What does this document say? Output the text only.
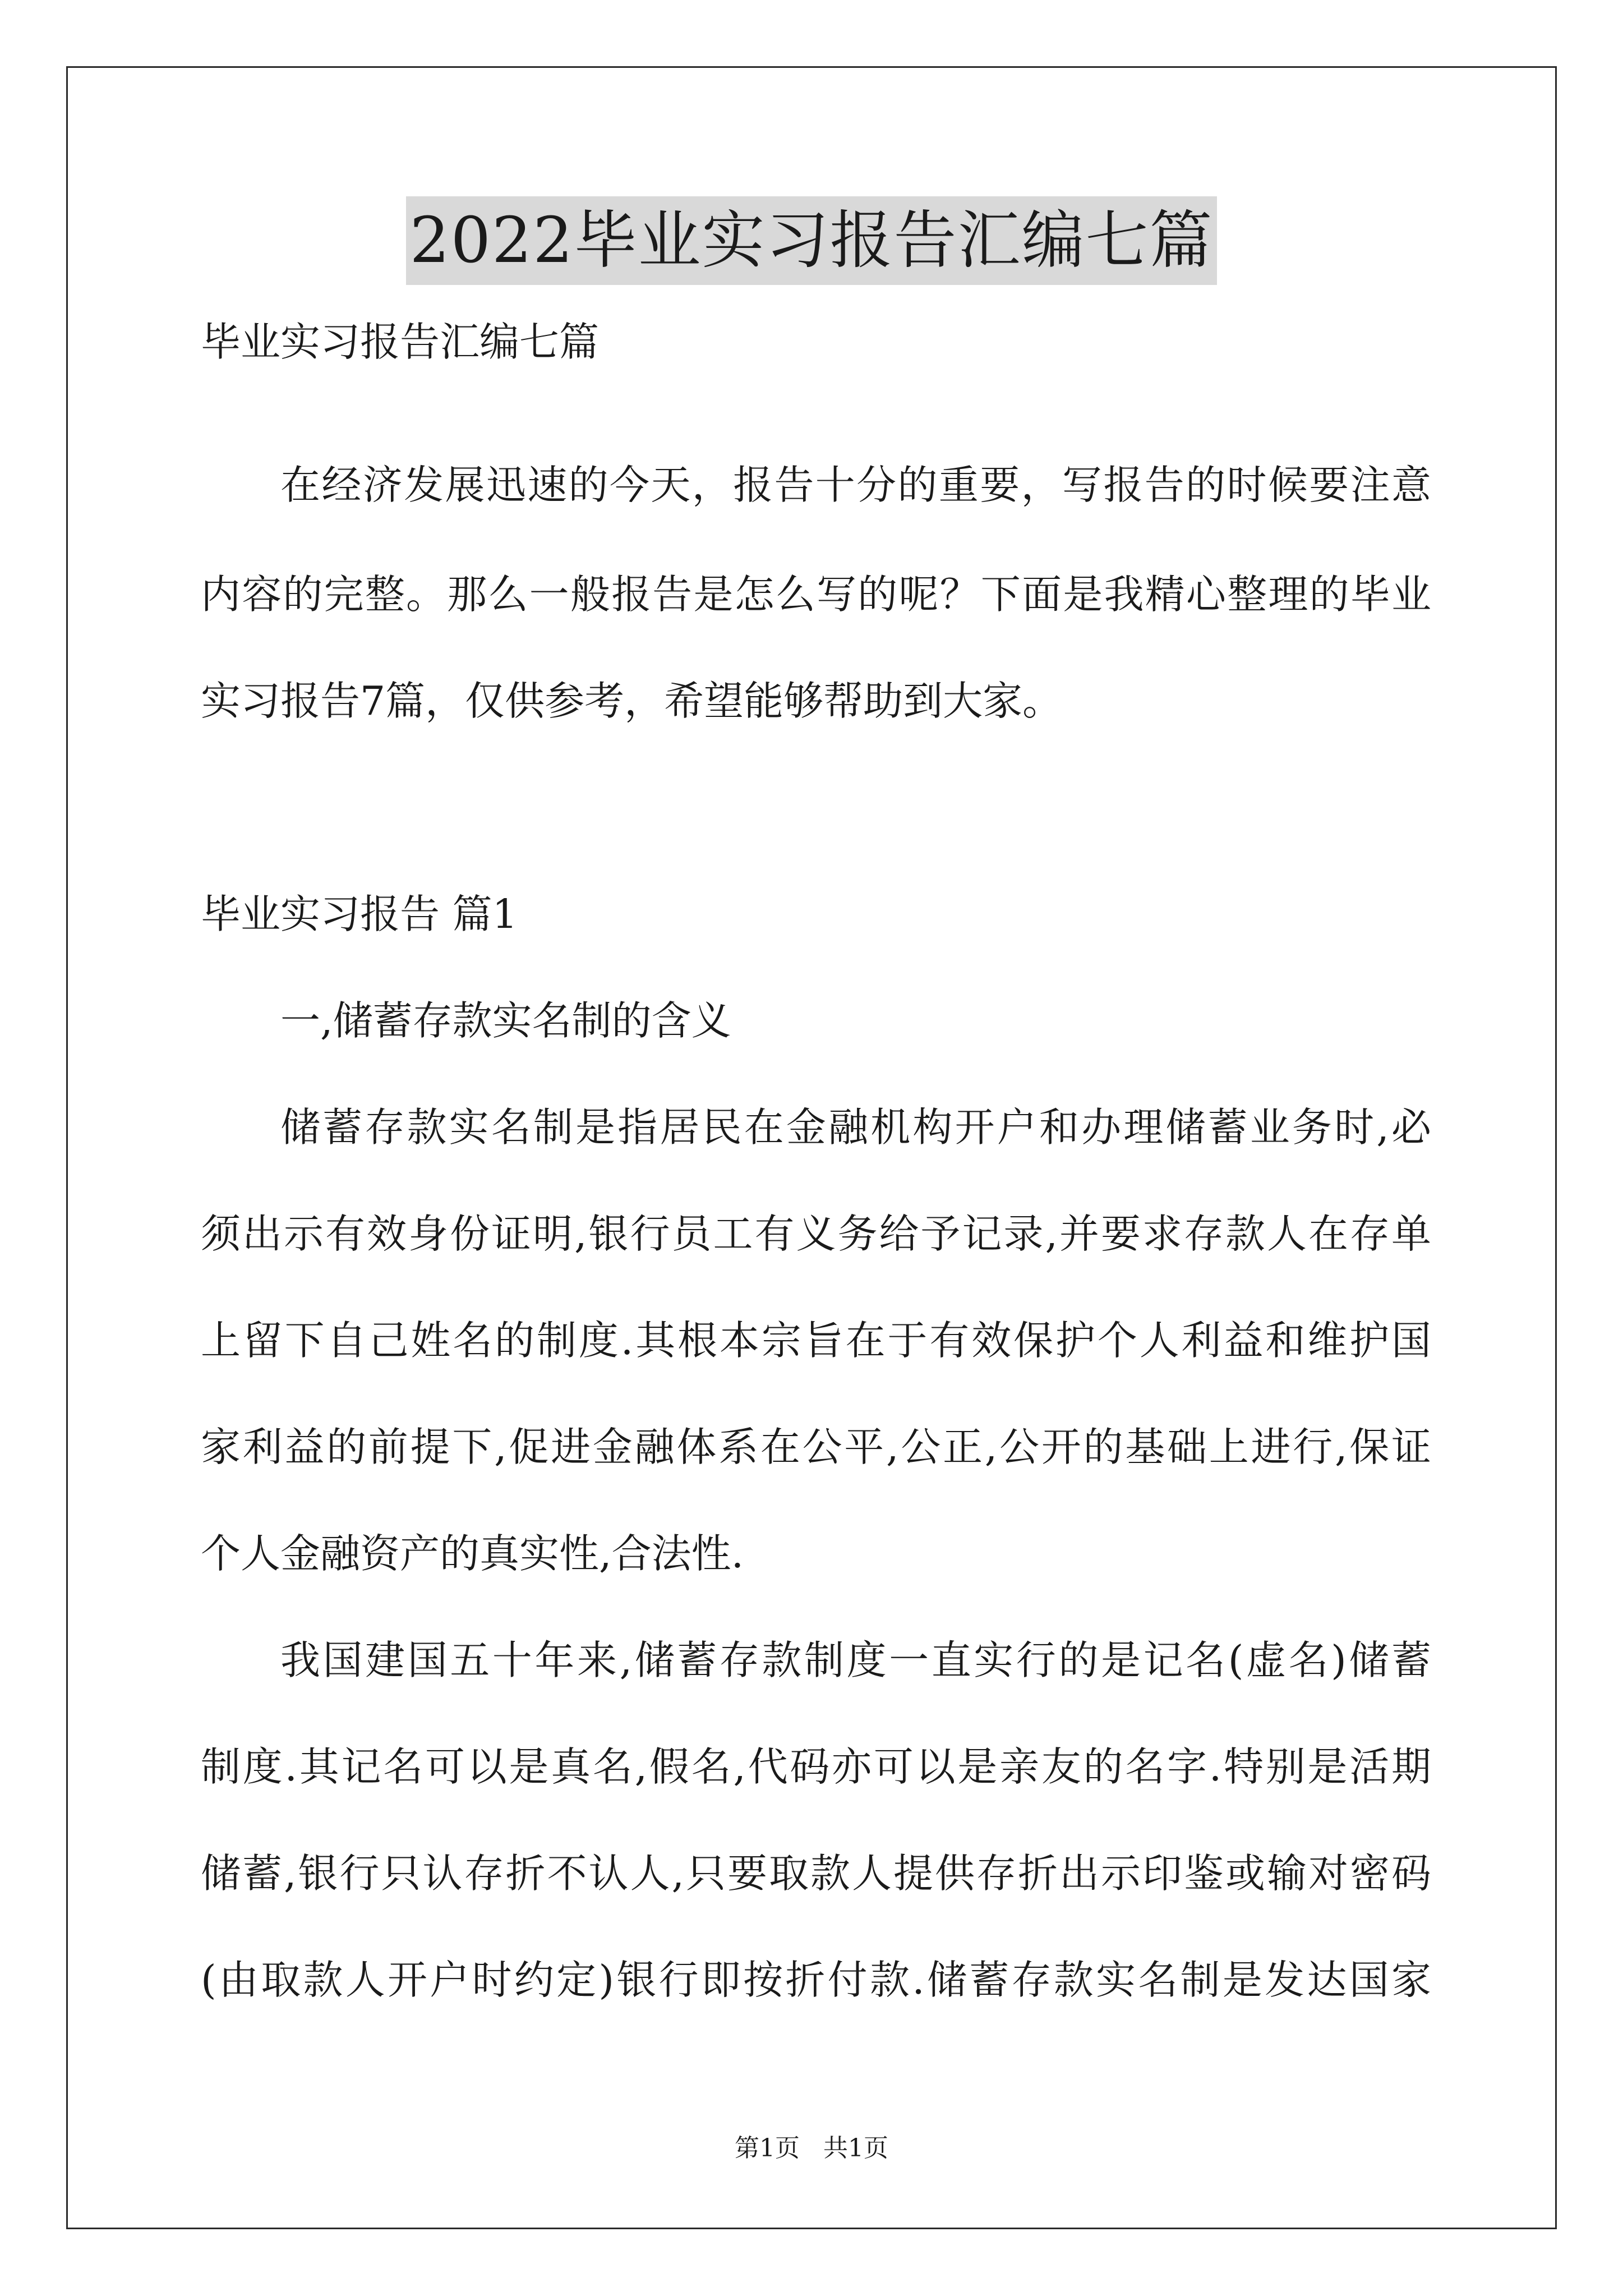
2022毕业实习报告汇编七篇
毕业实习报告汇编七篇
在经济发展迅速的今天，报告十分的重要，写报告的时候要注意
内容的完整。那么一般报告是怎么写的呢？下面是我精心整理的毕业
实习报告7篇，仅供参考，希望能够帮助到大家。
毕业实习报告 篇1
一,储蓄存款实名制的含义
储蓄存款实名制是指居民在金融机构开户和办理储蓄业务时,必
须出示有效身份证明,银行员工有义务给予记录,并要求存款人在存单
上留下自己姓名的制度.其根本宗旨在于有效保护个人利益和维护国
家利益的前提下,促进金融体系在公平,公正,公开的基础上进行,保证
个人金融资产的真实性,合法性.
我国建国五十年来,储蓄存款制度一直实行的是记名(虚名)储蓄
制度.其记名可以是真名,假名,代码亦可以是亲友的名字.特别是活期
储蓄,银行只认存折不认人,只要取款人提供存折出示印鉴或输对密码
(由取款人开户时约定)银行即按折付款.储蓄存款实名制是发达国家
第1页   共1页
